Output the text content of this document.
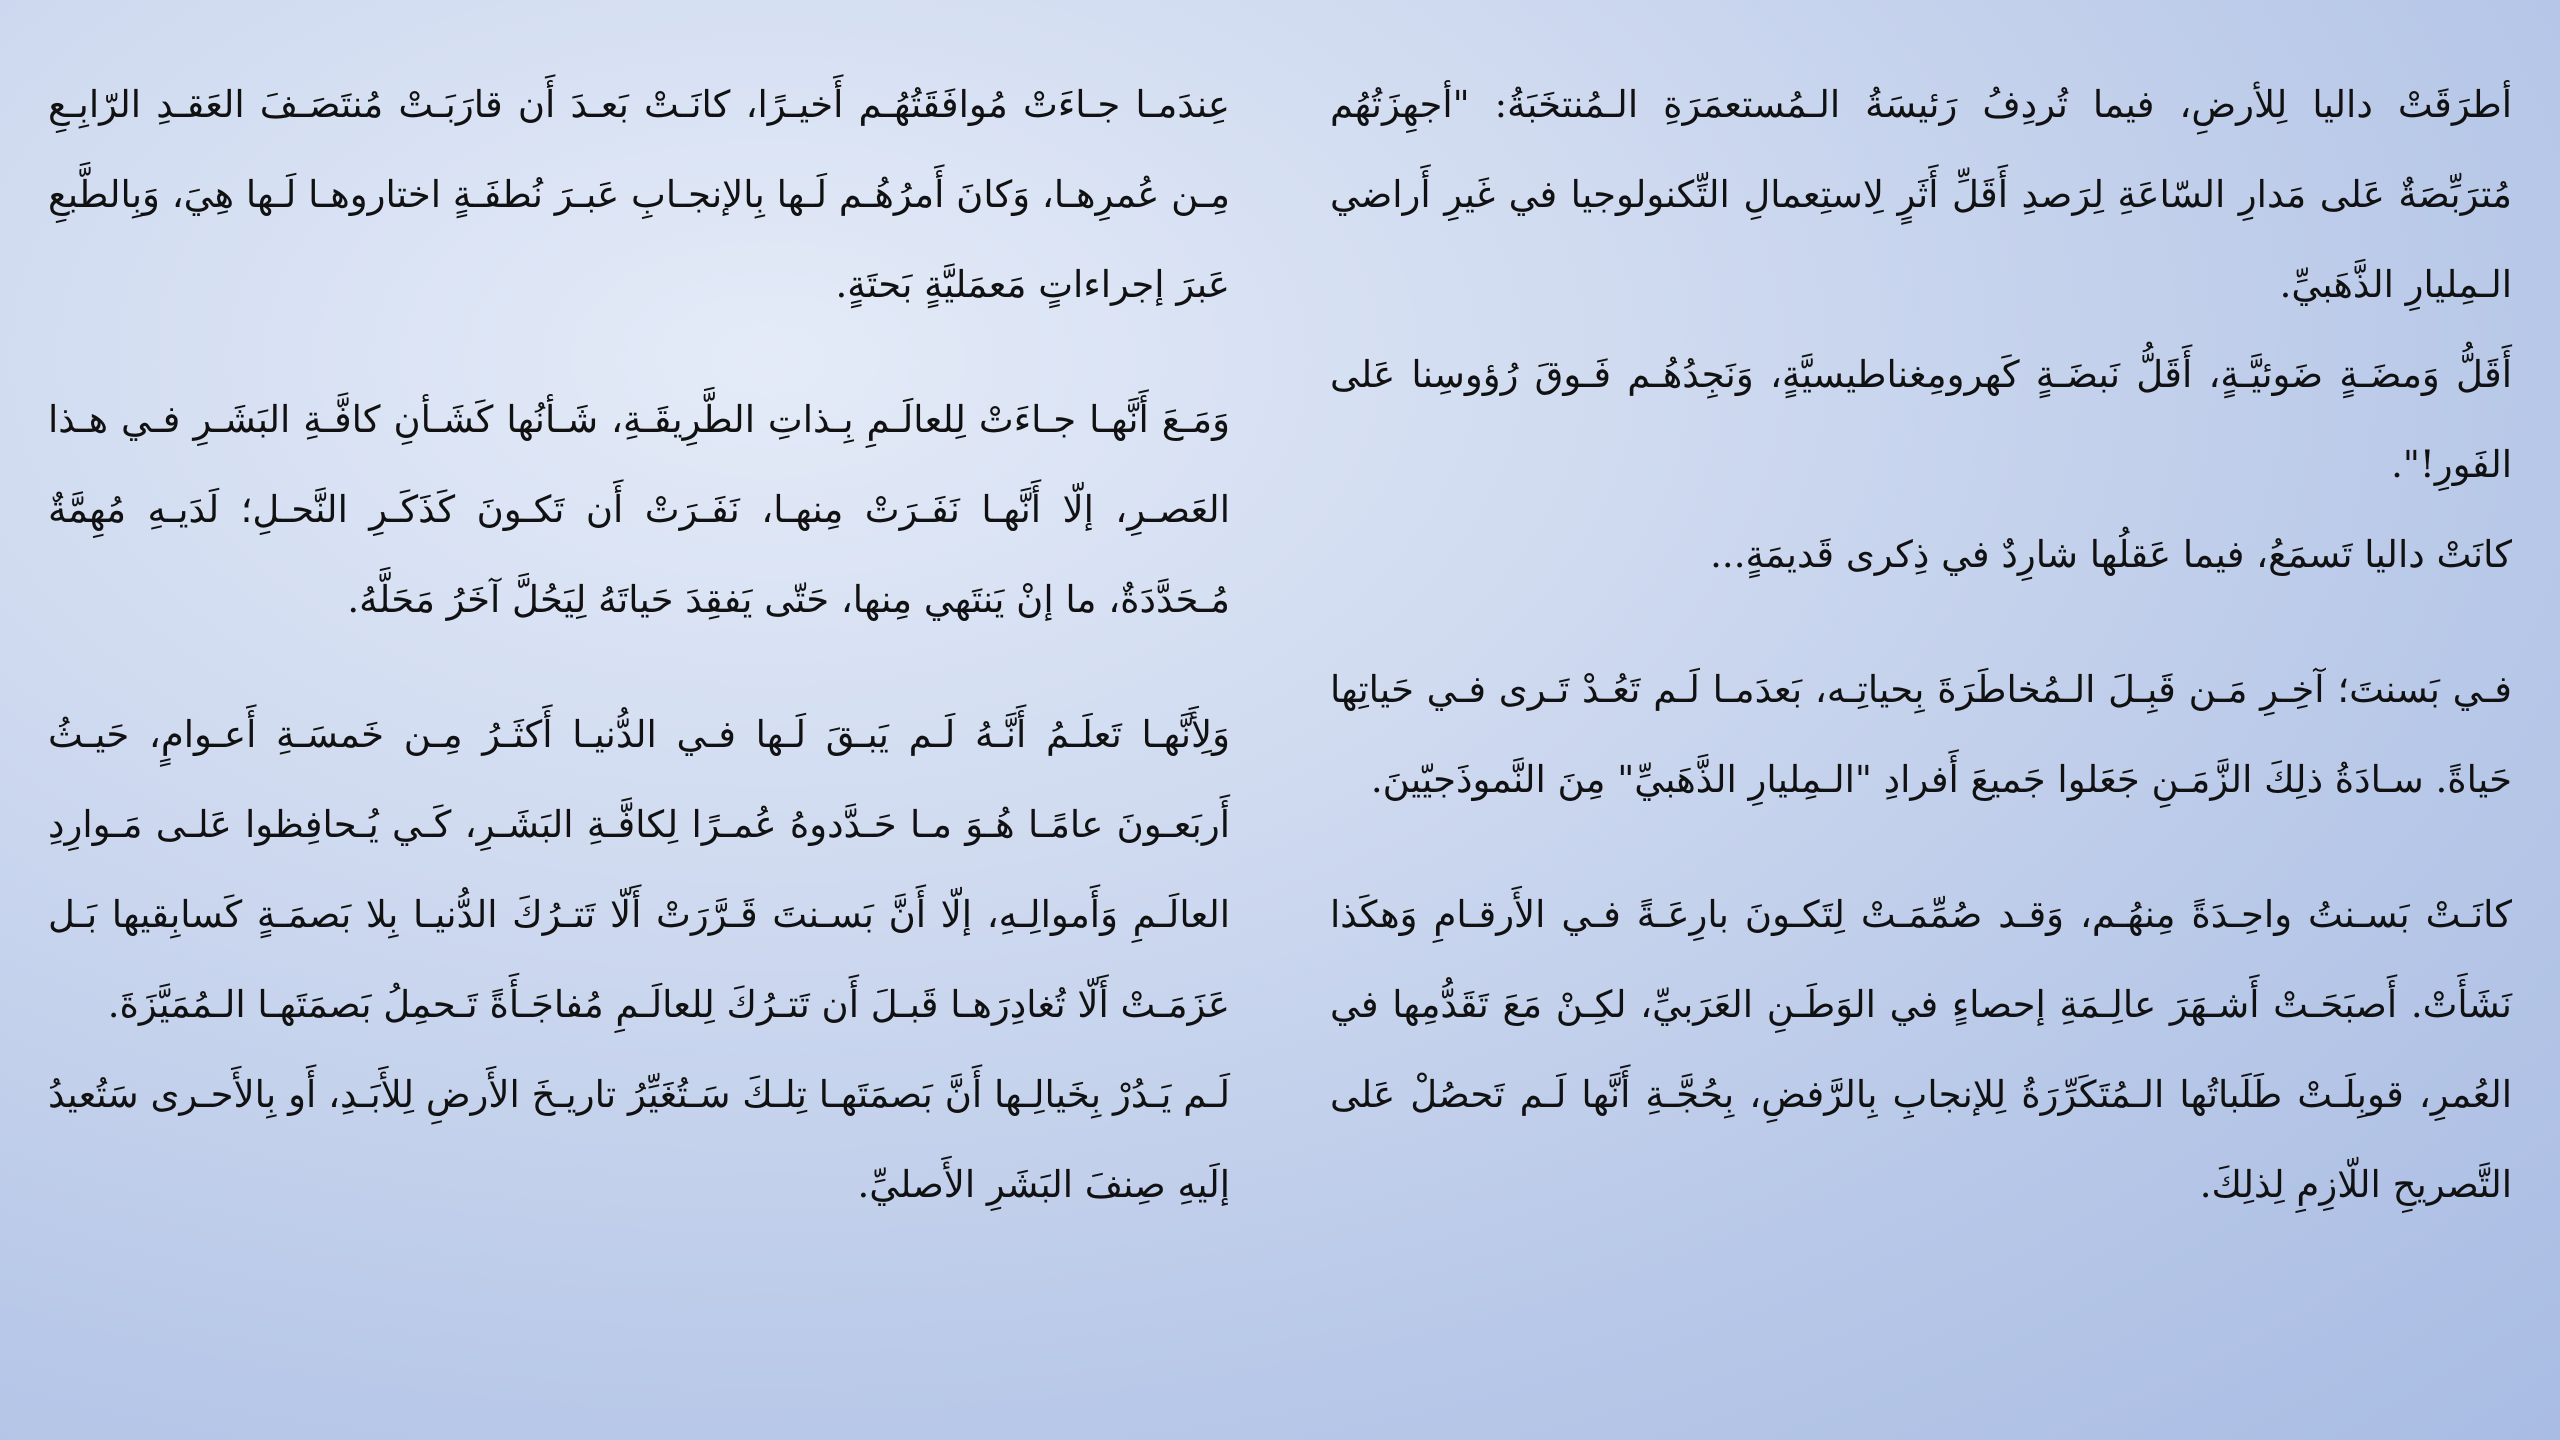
أطرَقَتْ داليا لِلأرضِ، فيما تُردِفُ رَئيسَةُ الـمُستعمَرَةِ الـمُنتخَبَةُ: "أجهِزَتُهُم مُترَبِّصَةٌ عَلى مَدارِ السّاعَةِ لِرَصدِ أَقَلِّ أَثَرٍ لِاستِعمالِ التِّكنولوجيا في غَيرِ أَراضي الـمِليارِ الذَّهَبيِّ.

أَقَلُّ وَمضَـةٍ ضَوئيَّـةٍ، أَقَلُّ نَبضَـةٍ كَهرومِغناطيسيَّةٍ، وَنَجِدُهُـم فَـوقَ رُؤوسِنا عَلى الفَورِ!".

كانَتْ داليا تَسمَعُ، فيما عَقلُها شارِدٌ في ذِكرى قَديمَةٍ...

فـي بَسنتَ؛ آخِـرِ مَـن قَبِـلَ الـمُخاطَرَةَ بِحياتِـه، بَعدَمـا لَـم تَعُـدْ تَـرى فـي حَياتِها حَياةً. سـادَةُ ذلِكَ الزَّمَـنِ جَعَلوا جَميعَ أَفرادِ "الـمِليارِ الذَّهَبيِّ" مِنَ النَّموذَجيّينَ.

كانَـتْ بَسـنتُ واحِـدَةً مِنهُـم، وَقـد صُمِّمَـتْ لِتَكـونَ بارِعَـةً فـي الأَرقـامِ وَهكَذا نَشَأَتْ. أَصبَحَـتْ أَشـهَرَ عالِـمَةِ إحصاءٍ في الوَطَـنِ العَرَبيِّ، لكِـنْ مَعَ تَقَدُّمِها في العُمرِ، قوبِلَـتْ طَلَباتُها الـمُتَكَرِّرَةُ لِلإنجابِ بِالرَّفضِ، بِحُجَّـةِ أَنَّها لَـم تَحصُلْ عَلى التَّصريحِ اللّازِمِ لِذلِكَ.

عِندَمـا جـاءَتْ مُوافَقَتُهُـم أَخيـرًا، كانَـتْ بَعـدَ أَن قارَبَـتْ مُنتَصَـفَ العَقـدِ الرّابِـعِ مِـن عُمرِهـا، وَكانَ أَمرُهُـم لَـها بِالإنجـابِ عَبـرَ نُطفَـةٍ اختاروهـا لَـها هِيَ، وَبِالطَّبعِ عَبرَ إجراءاتٍ مَعمَليَّةٍ بَحتَةٍ.

وَمَـعَ أَنَّهـا جـاءَتْ لِلعالَـمِ بِـذاتِ الطَّرِيقَـةِ، شَـأنُها كَشَـأنِ كافَّـةِ البَشَـرِ فـي هـذا العَصـرِ، إلّا أَنَّهـا نَفَـرَتْ مِنهـا، نَفَـرَتْ أَن تَكـونَ كَذَكَـرِ النَّحـلِ؛ لَدَيـهِ مُهِمَّةٌ مُـحَدَّدَةٌ، ما إنْ يَنتَهي مِنها، حَتّى يَفقِدَ حَياتَهُ لِيَحُلَّ آخَرُ مَحَلَّهُ.

وَلِأَنَّهـا تَعلَـمُ أَنَّـهُ لَـم يَبـقَ لَـها فـي الدُّنيـا أَكثَـرُ مِـن خَمسَـةِ أَعـوامٍ، حَيـثُ أَربَعـونَ عامًـا هُـوَ مـا حَـدَّدوهُ عُمـرًا لِكافَّـةِ البَشَـرِ، كَـي يُـحافِظوا عَلـى مَـوارِدِ العالَـمِ وَأَموالِـهِ، إلّا أَنَّ بَسـنتَ قَـرَّرَتْ أَلّا تَتـرُكَ الدُّنيـا بِلا بَصمَـةٍ كَسابِقيها بَـل عَزَمَـتْ أَلّا تُغادِرَهـا قَبـلَ أَن تَتـرُكَ لِلعالَـمِ مُفاجَـأَةً تَـحمِلُ بَصمَتَهـا الـمُمَيَّزَةَ.

لَـم يَـدُرْ بِخَيالِـها أَنَّ بَصمَتَهـا تِلـكَ سَـتُغَيِّرُ تاريـخَ الأَرضِ لِلأَبَـدِ، أَو بِالأَحـرى سَتُعيدُ إلَيهِ صِنفَ البَشَرِ الأَصليِّ.
